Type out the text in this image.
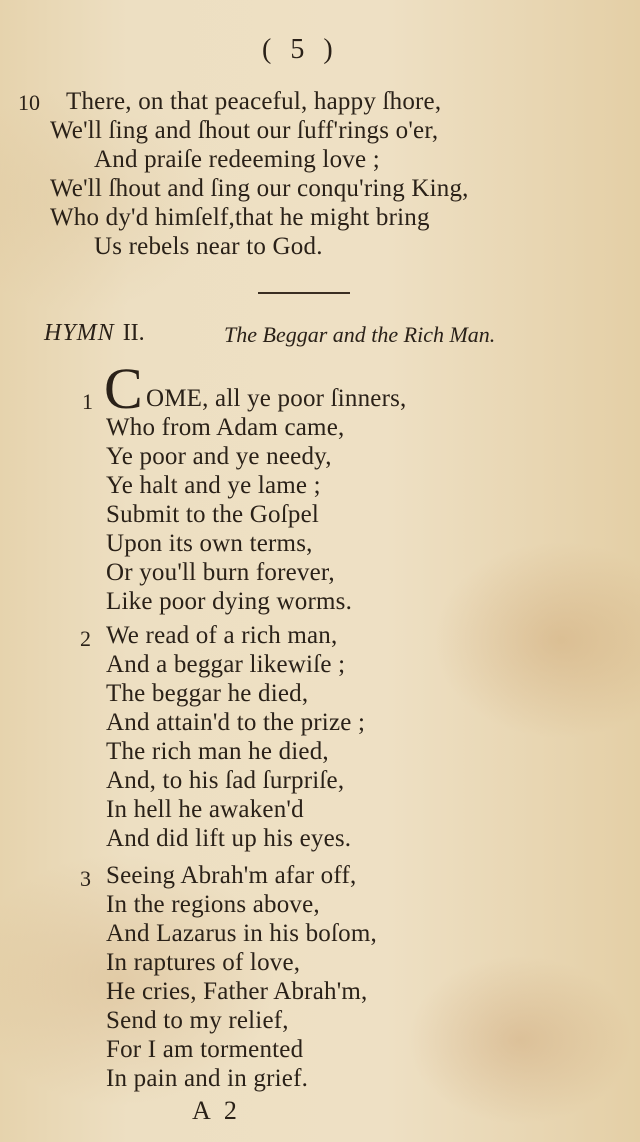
( 5 )
10 There, on that peaceful, happy ſhore,
We'll ſing and ſhout our ſuff'rings o'er,
And praiſe redeeming love ;
We'll ſhout and ſing our conqu'ring King,
Who dy'd himſelf,that he might bring
Us rebels near to God.
HYMN II.	The Beggar and the Rich Man.
1 C OME, all ye poor ſinners,
Who from Adam came,
Ye poor and ye needy,
Ye halt and ye lame ;
Submit to the Goſpel
Upon its own terms,
Or you'll burn forever,
Like poor dying worms.
2 We read of a rich man,
And a beggar likewiſe ;
The beggar he died,
And attain'd to the prize ;
The rich man he died,
And, to his ſad ſurpriſe,
In hell he awaken'd
And did lift up his eyes.
3 Seeing Abrah'm afar off,
In the regions above,
And Lazarus in his boſom,
In raptures of love,
He cries, Father Abrah'm,
Send to my relief,
For I am tormented
In pain and in grief.
A 2
